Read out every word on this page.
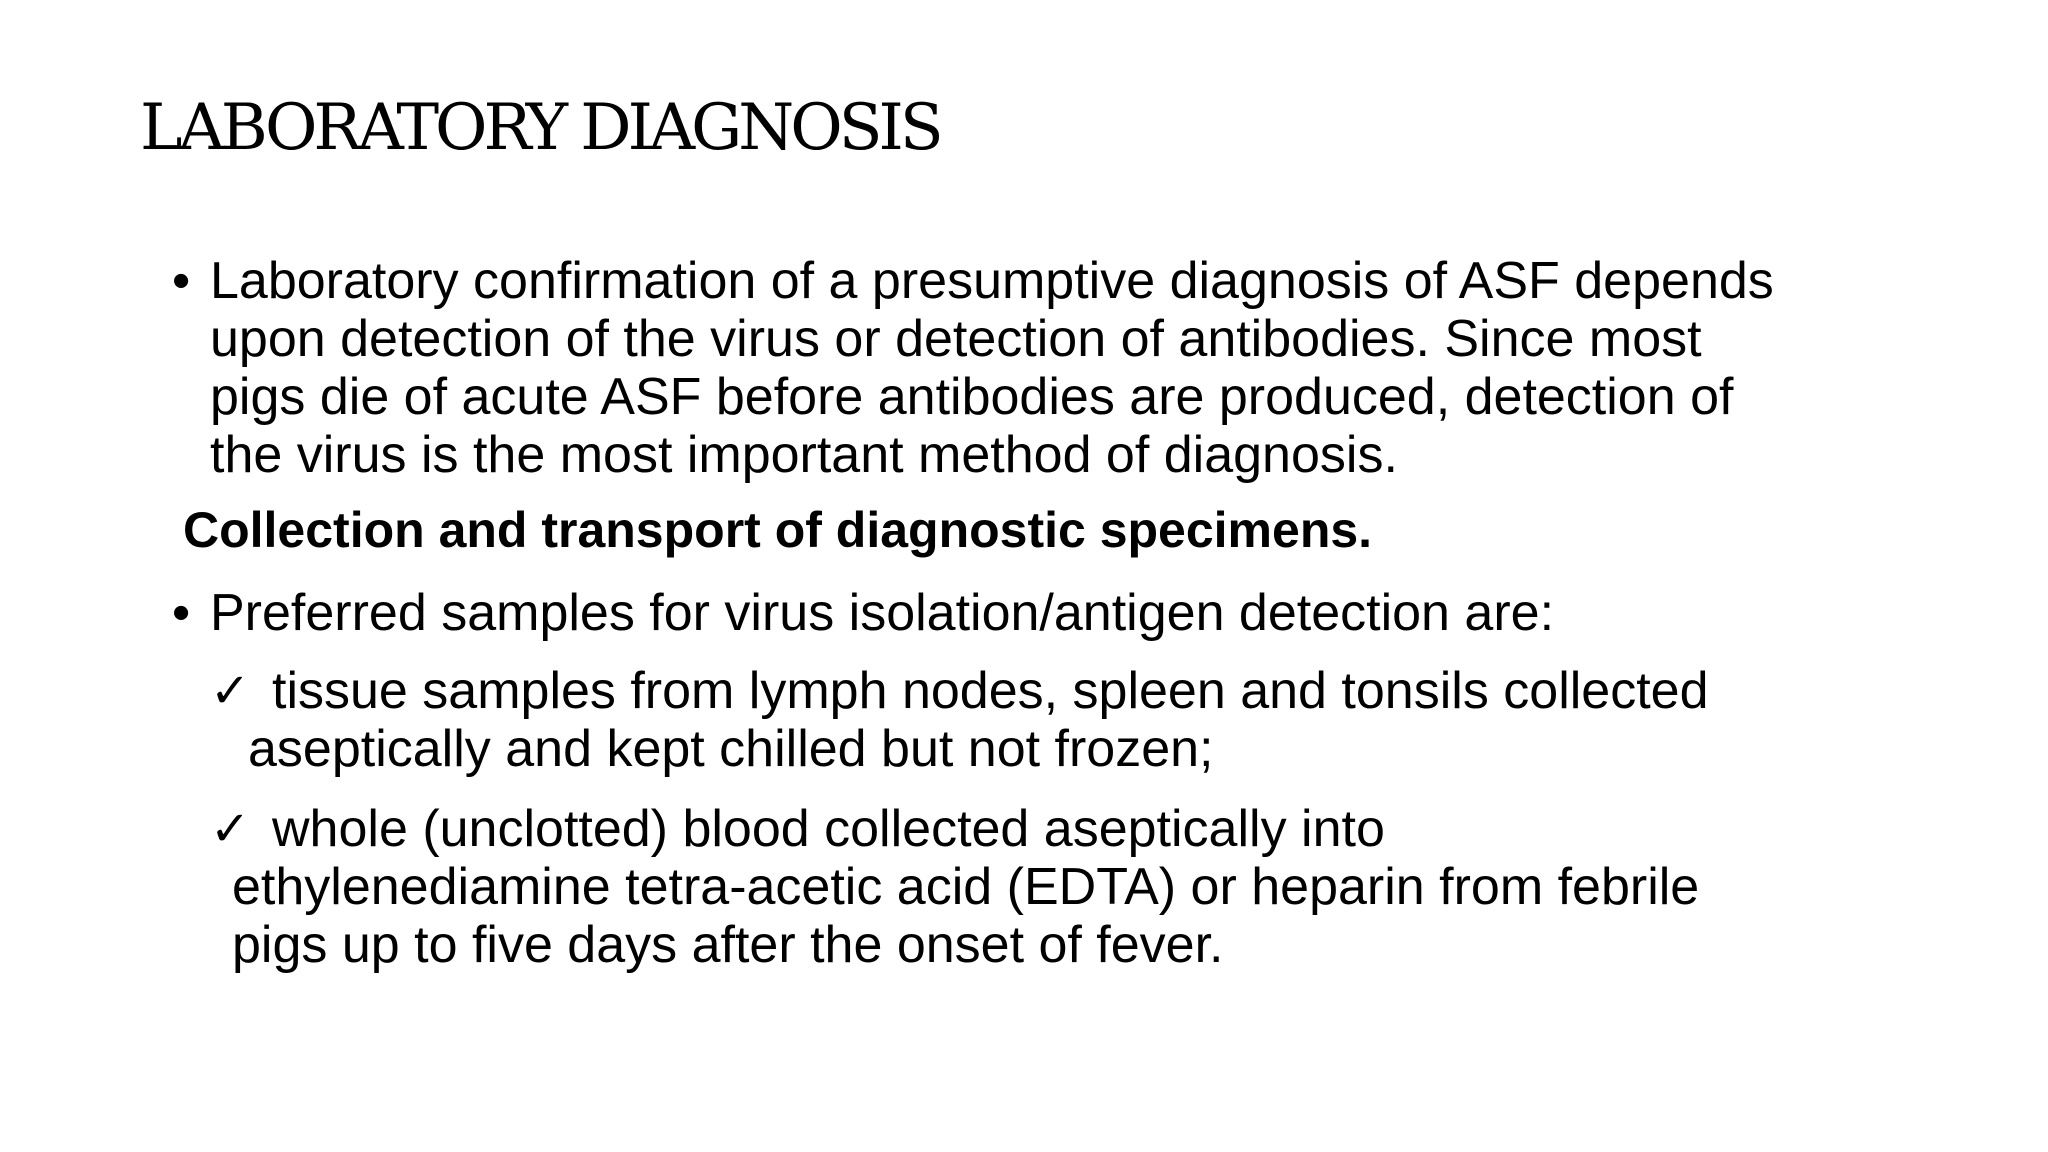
LABORATORY DIAGNOSIS
• Laboratory confirmation of a presumptive diagnosis of ASF depends
upon detection of the virus or detection of antibodies. Since most
pigs die of acute ASF before antibodies are produced, detection of
the virus is the most important method of diagnosis.
Collection and transport of diagnostic specimens.
• Preferred samples for virus isolation/antigen detection are:
✓ tissue samples from lymph nodes, spleen and tonsils collected
aseptically and kept chilled but not frozen;
✓ whole (unclotted) blood collected aseptically into
ethylenediamine tetra-acetic acid (EDTA) or heparin from febrile
pigs up to five days after the onset of fever.
